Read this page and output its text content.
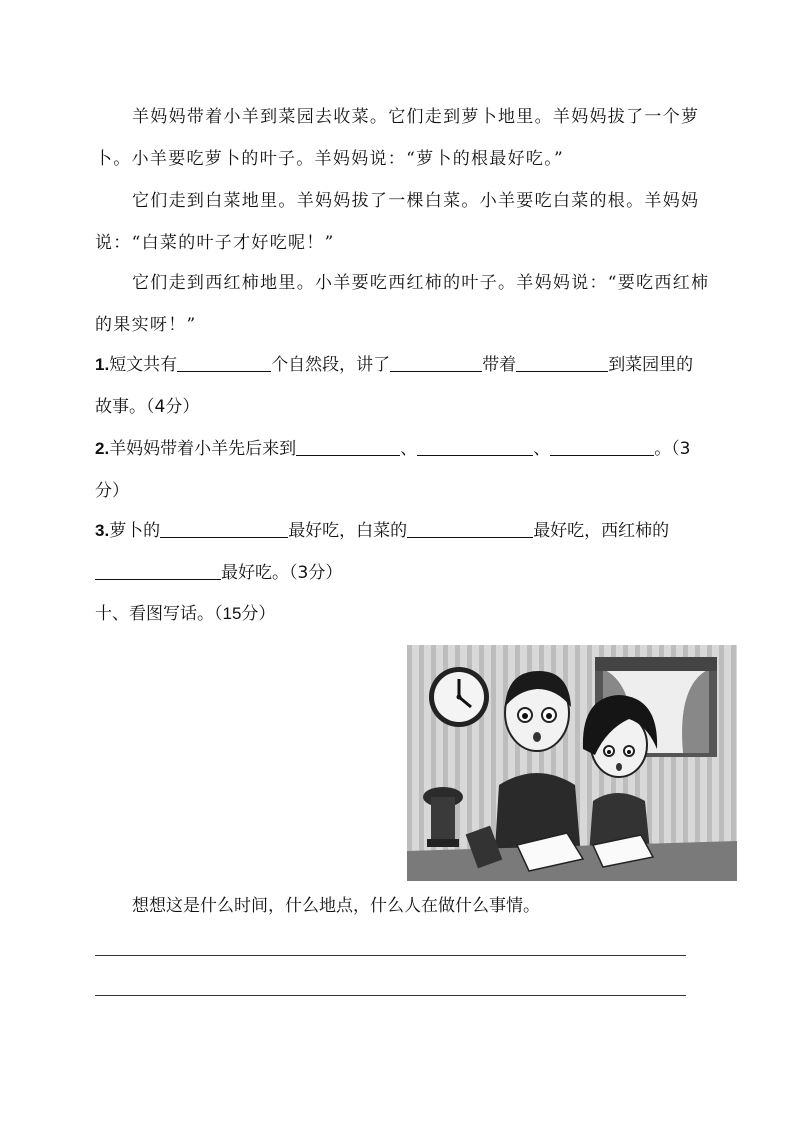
羊妈妈带着小羊到菜园去收菜。它们走到萝卜地里。羊妈妈拔了一个萝
卜。小羊要吃萝卜的叶子。羊妈妈说：“萝卜的根最好吃。”
它们走到白菜地里。羊妈妈拔了一棵白菜。小羊要吃白菜的根。羊妈妈
说：“白菜的叶子才好吃呢！”
它们走到西红柿地里。小羊要吃西红柿的叶子。羊妈妈说：“要吃西红柿
的果实呀！”
1.短文共有	个自然段，讲了	带着	到菜园里的
故事。（4分）
2.羊妈妈带着小羊先后来到	、	、	。（3
分）
3.萝卜的	最好吃，白菜的	最好吃，西红柿的
最好吃。（3分）
十、看图写话。（15分）
想想这是什么时间，什么地点，什么人在做什么事情。
